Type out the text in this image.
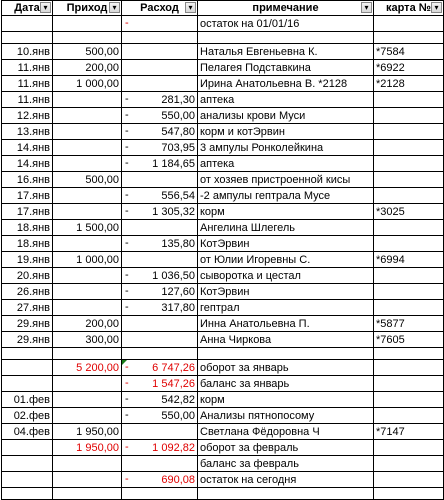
Дата ▾	Приход ▾	Расход ▾	примечание ▾	карта № ▾

		-	остаток на 01/01/16	

10.янв	500,00		Наталья Евгеньевна К.	*7584
11.янв	200,00		Пелагея Подставкина	*6922
11.янв	1 000,00		Ирина Анатольевна В. *2128	*2128
11.янв		- 281,30	аптека	
12.янв		- 550,00	анализы крови Муси	
13.янв		- 547,80	корм и котЭрвин	
14.янв		- 703,95	3 ампулы Ронколейкина	
14.янв		- 1 184,65	аптека	
16.янв	500,00		от хозяев пристроенной кисы	
17.янв		- 556,54	-2 ампулы гептрала Мусе	
17.янв		- 1 305,32	корм	*3025
18.янв	1 500,00		Ангелина Шлегель	
18.янв		- 135,80	КотЭрвин	
19.янв	1 000,00		от Юлии Игоревны С.	*6994
20.янв		- 1 036,50	сыворотка и цестал	
26.янв		- 127,60	КотЭрвин	
27.янв		- 317,80	гептрал	
29.янв	200,00		Инна Анатольевна П.	*5877
29.янв	300,00		Анна Чиркова	*7605

	5 200,00	- 6 747,26	оборот за январь	

		- 1 547,26	баланс за январь	
01.фев		- 542,82	корм	
02.фев		- 550,00	Анализы пятнопосому	
04.фев	1 950,00		Светлана Фёдоровна Ч	*7147
	1 950,00	- 1 092,82	оборот за февраль	
			баланс за февраль	

		- 690,08	остаток на сегодня	
